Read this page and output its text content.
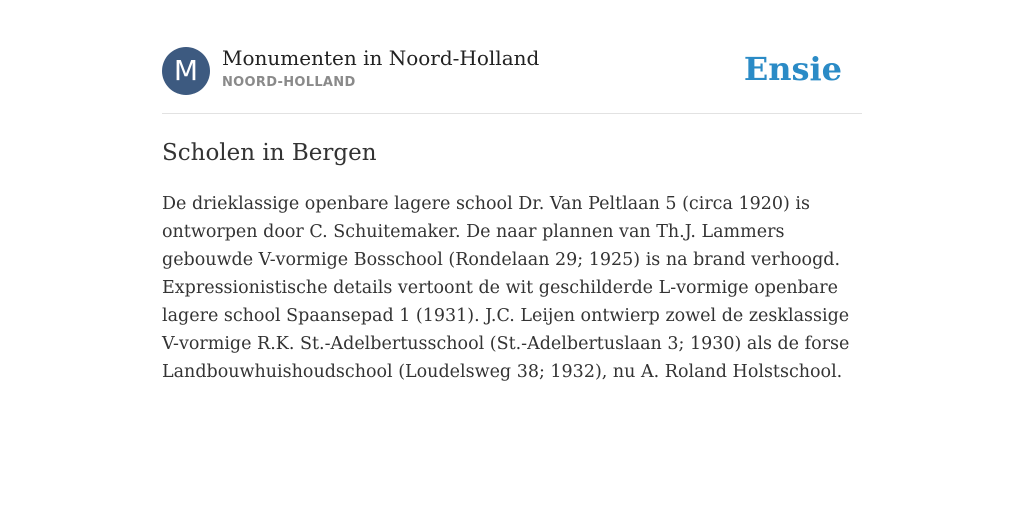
M	Monumenten in Noord-Holland
NOORD-HOLLAND	Ensie
Scholen in Bergen

De drieklassige openbare lagere school Dr. Van Peltlaan 5 (circa 1920) is ontworpen door C. Schuitemaker. De naar plannen van Th.J. Lammers gebouwde V-vormige Bosschool (Rondelaan 29; 1925) is na brand verhoogd. Expressionistische details vertoont de wit geschilderde L-vormige openbare lagere school Spaansepad 1 (1931). J.C. Leijen ontwierp zowel de zesklassige V-vormige R.K. St.-Adelbertusschool (St.-Adelbertuslaan 3; 1930) als de forse Landbouwhuishoudschool (Loudelsweg 38; 1932), nu A. Roland Holstschool.
